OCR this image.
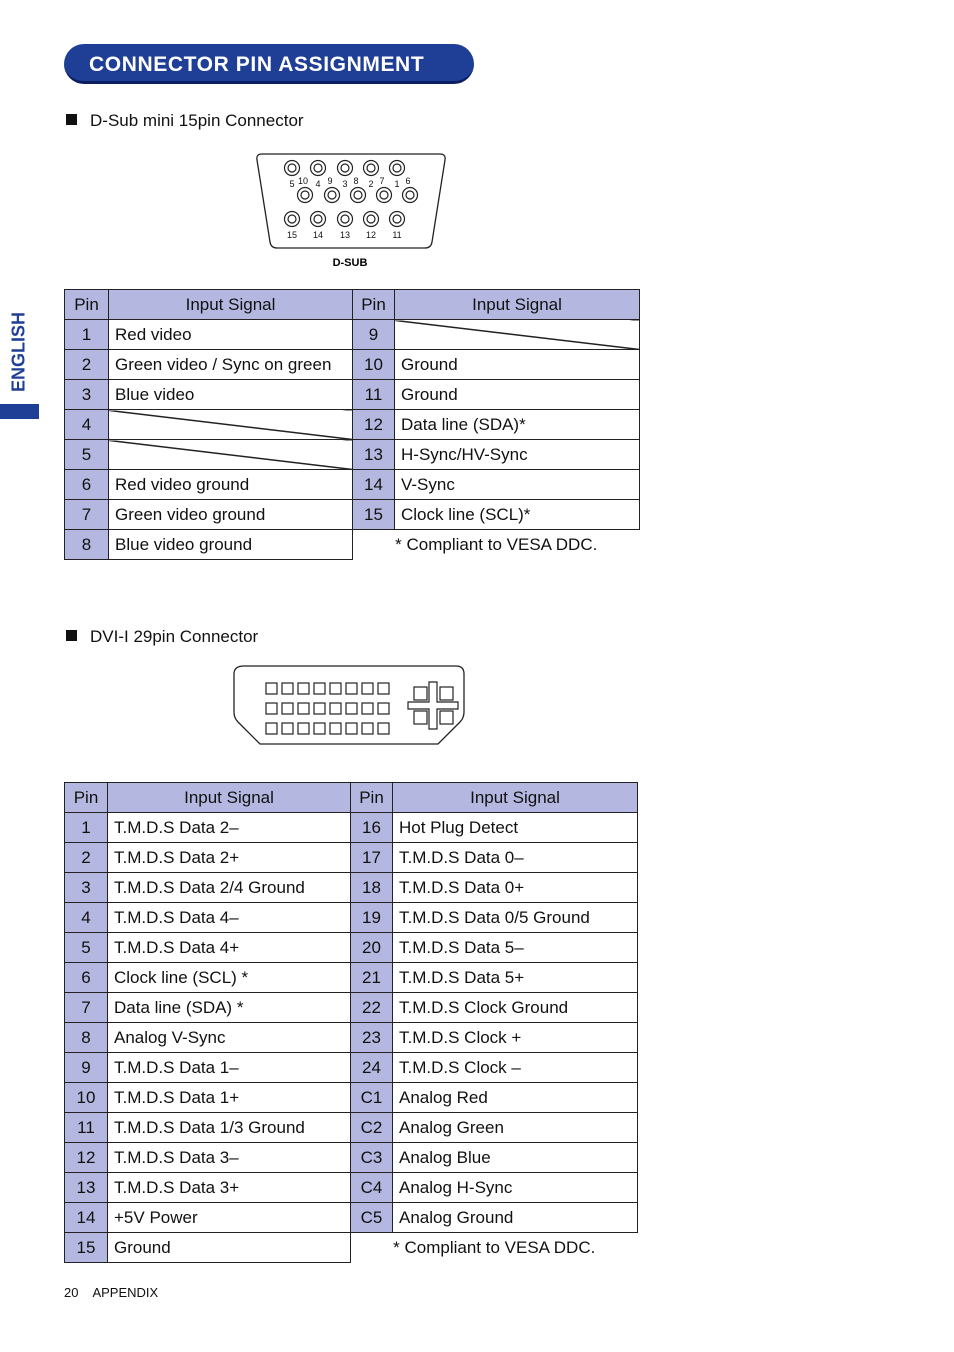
CONNECTOR PIN ASSIGNMENT
ENGLISH
D-Sub mini 15pin Connector
5 4 3 2 1
10 9 8 7 6
15 14 13 12 11
D-SUB
Pin	Input Signal	Pin	Input Signal
1	Red video	9	
2	Green video / Sync on green	10	Ground
3	Blue video	11	Ground
4		12	Data line (SDA)*
5		13	H-Sync/HV-Sync
6	Red video ground	14	V-Sync
7	Green video ground	15	Clock line (SCL)*
8	Blue video ground	* Compliant to VESA DDC.	
DVI-I 29pin Connector
Pin	Input Signal	Pin	Input Signal
1	T.M.D.S Data 2–	16	Hot Plug Detect
2	T.M.D.S Data 2+	17	T.M.D.S Data 0–
3	T.M.D.S Data 2/4 Ground	18	T.M.D.S Data 0+
4	T.M.D.S Data 4–	19	T.M.D.S Data 0/5 Ground
5	T.M.D.S Data 4+	20	T.M.D.S Data 5–
6	Clock line (SCL) *	21	T.M.D.S Data 5+
7	Data line (SDA) *	22	T.M.D.S Clock Ground
8	Analog V-Sync	23	T.M.D.S Clock +
9	T.M.D.S Data 1–	24	T.M.D.S Clock –
10	T.M.D.S Data 1+	C1	Analog Red
11	T.M.D.S Data 1/3 Ground	C2	Analog Green
12	T.M.D.S Data 3–	C3	Analog Blue
13	T.M.D.S Data 3+	C4	Analog H-Sync
14	+5V Power	C5	Analog Ground
15	Ground	* Compliant to VESA DDC.	
20 APPENDIX
